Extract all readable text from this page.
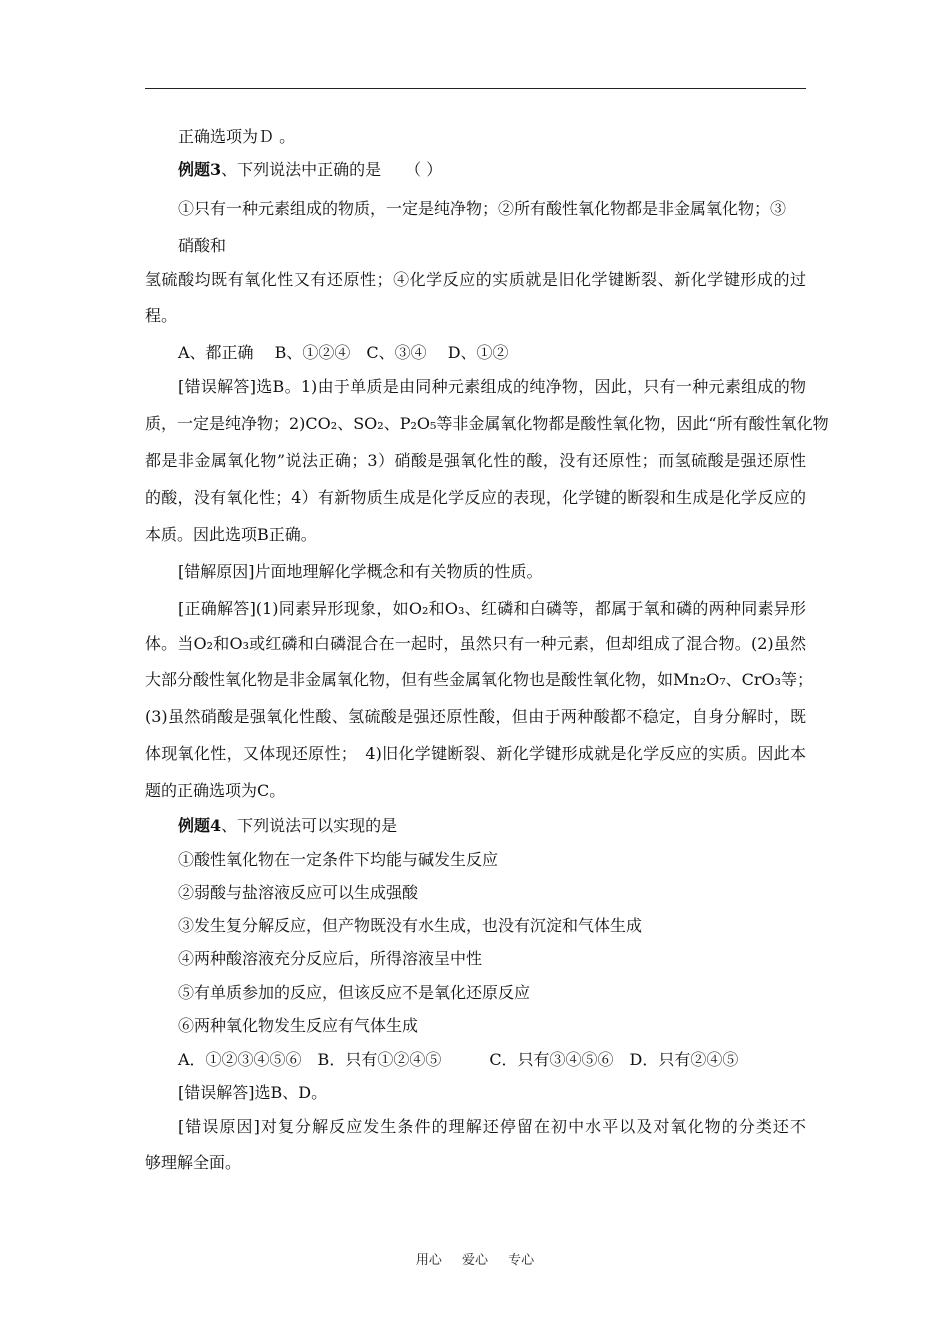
正确选项为Ｄ 。
例题3、下列说法中正确的是　　（ ）
①只有一种元素组成的物质，一定是纯净物；②所有酸性氧化物都是非金属氧化物；③
硝酸和
氢硫酸均既有氧化性又有还原性；④化学反应的实质就是旧化学键断裂、新化学键形成的过
程。
A、都正确　 B、①②④　C、③④　 D、①②
[错误解答]选B。1)由于单质是由同种元素组成的纯净物，因此，只有一种元素组成的物
质，一定是纯净物；2)CO₂、SO₂、P₂O₅等非金属氧化物都是酸性氧化物，因此“所有酸性氧化物
都是非金属氧化物”说法正确；3）硝酸是强氧化性的酸，没有还原性；而氢硫酸是强还原性
的酸，没有氧化性；4）有新物质生成是化学反应的表现，化学键的断裂和生成是化学反应的
本质。因此选项B正确。
[错解原因]片面地理解化学概念和有关物质的性质。
[正确解答](1)同素异形现象，如O₂和O₃、红磷和白磷等，都属于氧和磷的两种同素异形
体。当O₂和O₃或红磷和白磷混合在一起时，虽然只有一种元素，但却组成了混合物。(2)虽然
大部分酸性氧化物是非金属氧化物，但有些金属氧化物也是酸性氧化物，如Mn₂O₇、CrO₃等；
(3)虽然硝酸是强氧化性酸、氢硫酸是强还原性酸，但由于两种酸都不稳定，自身分解时，既
体现氧化性，又体现还原性；　4)旧化学键断裂、新化学键形成就是化学反应的实质。因此本
题的正确选项为C。
例题4、下列说法可以实现的是
①酸性氧化物在一定条件下均能与碱发生反应
②弱酸与盐溶液反应可以生成强酸
③发生复分解反应，但产物既没有水生成，也没有沉淀和气体生成
④两种酸溶液充分反应后，所得溶液呈中性
⑤有单质参加的反应，但该反应不是氧化还原反应
⑥两种氧化物发生反应有气体生成
A．①②③④⑤⑥　B．只有①②④⑤　　　C．只有③④⑤⑥　D．只有②④⑤
[错误解答]选B、D。
[错误原因]对复分解反应发生条件的理解还停留在初中水平以及对氧化物的分类还不
够理解全面。
用心 爱心 专心
